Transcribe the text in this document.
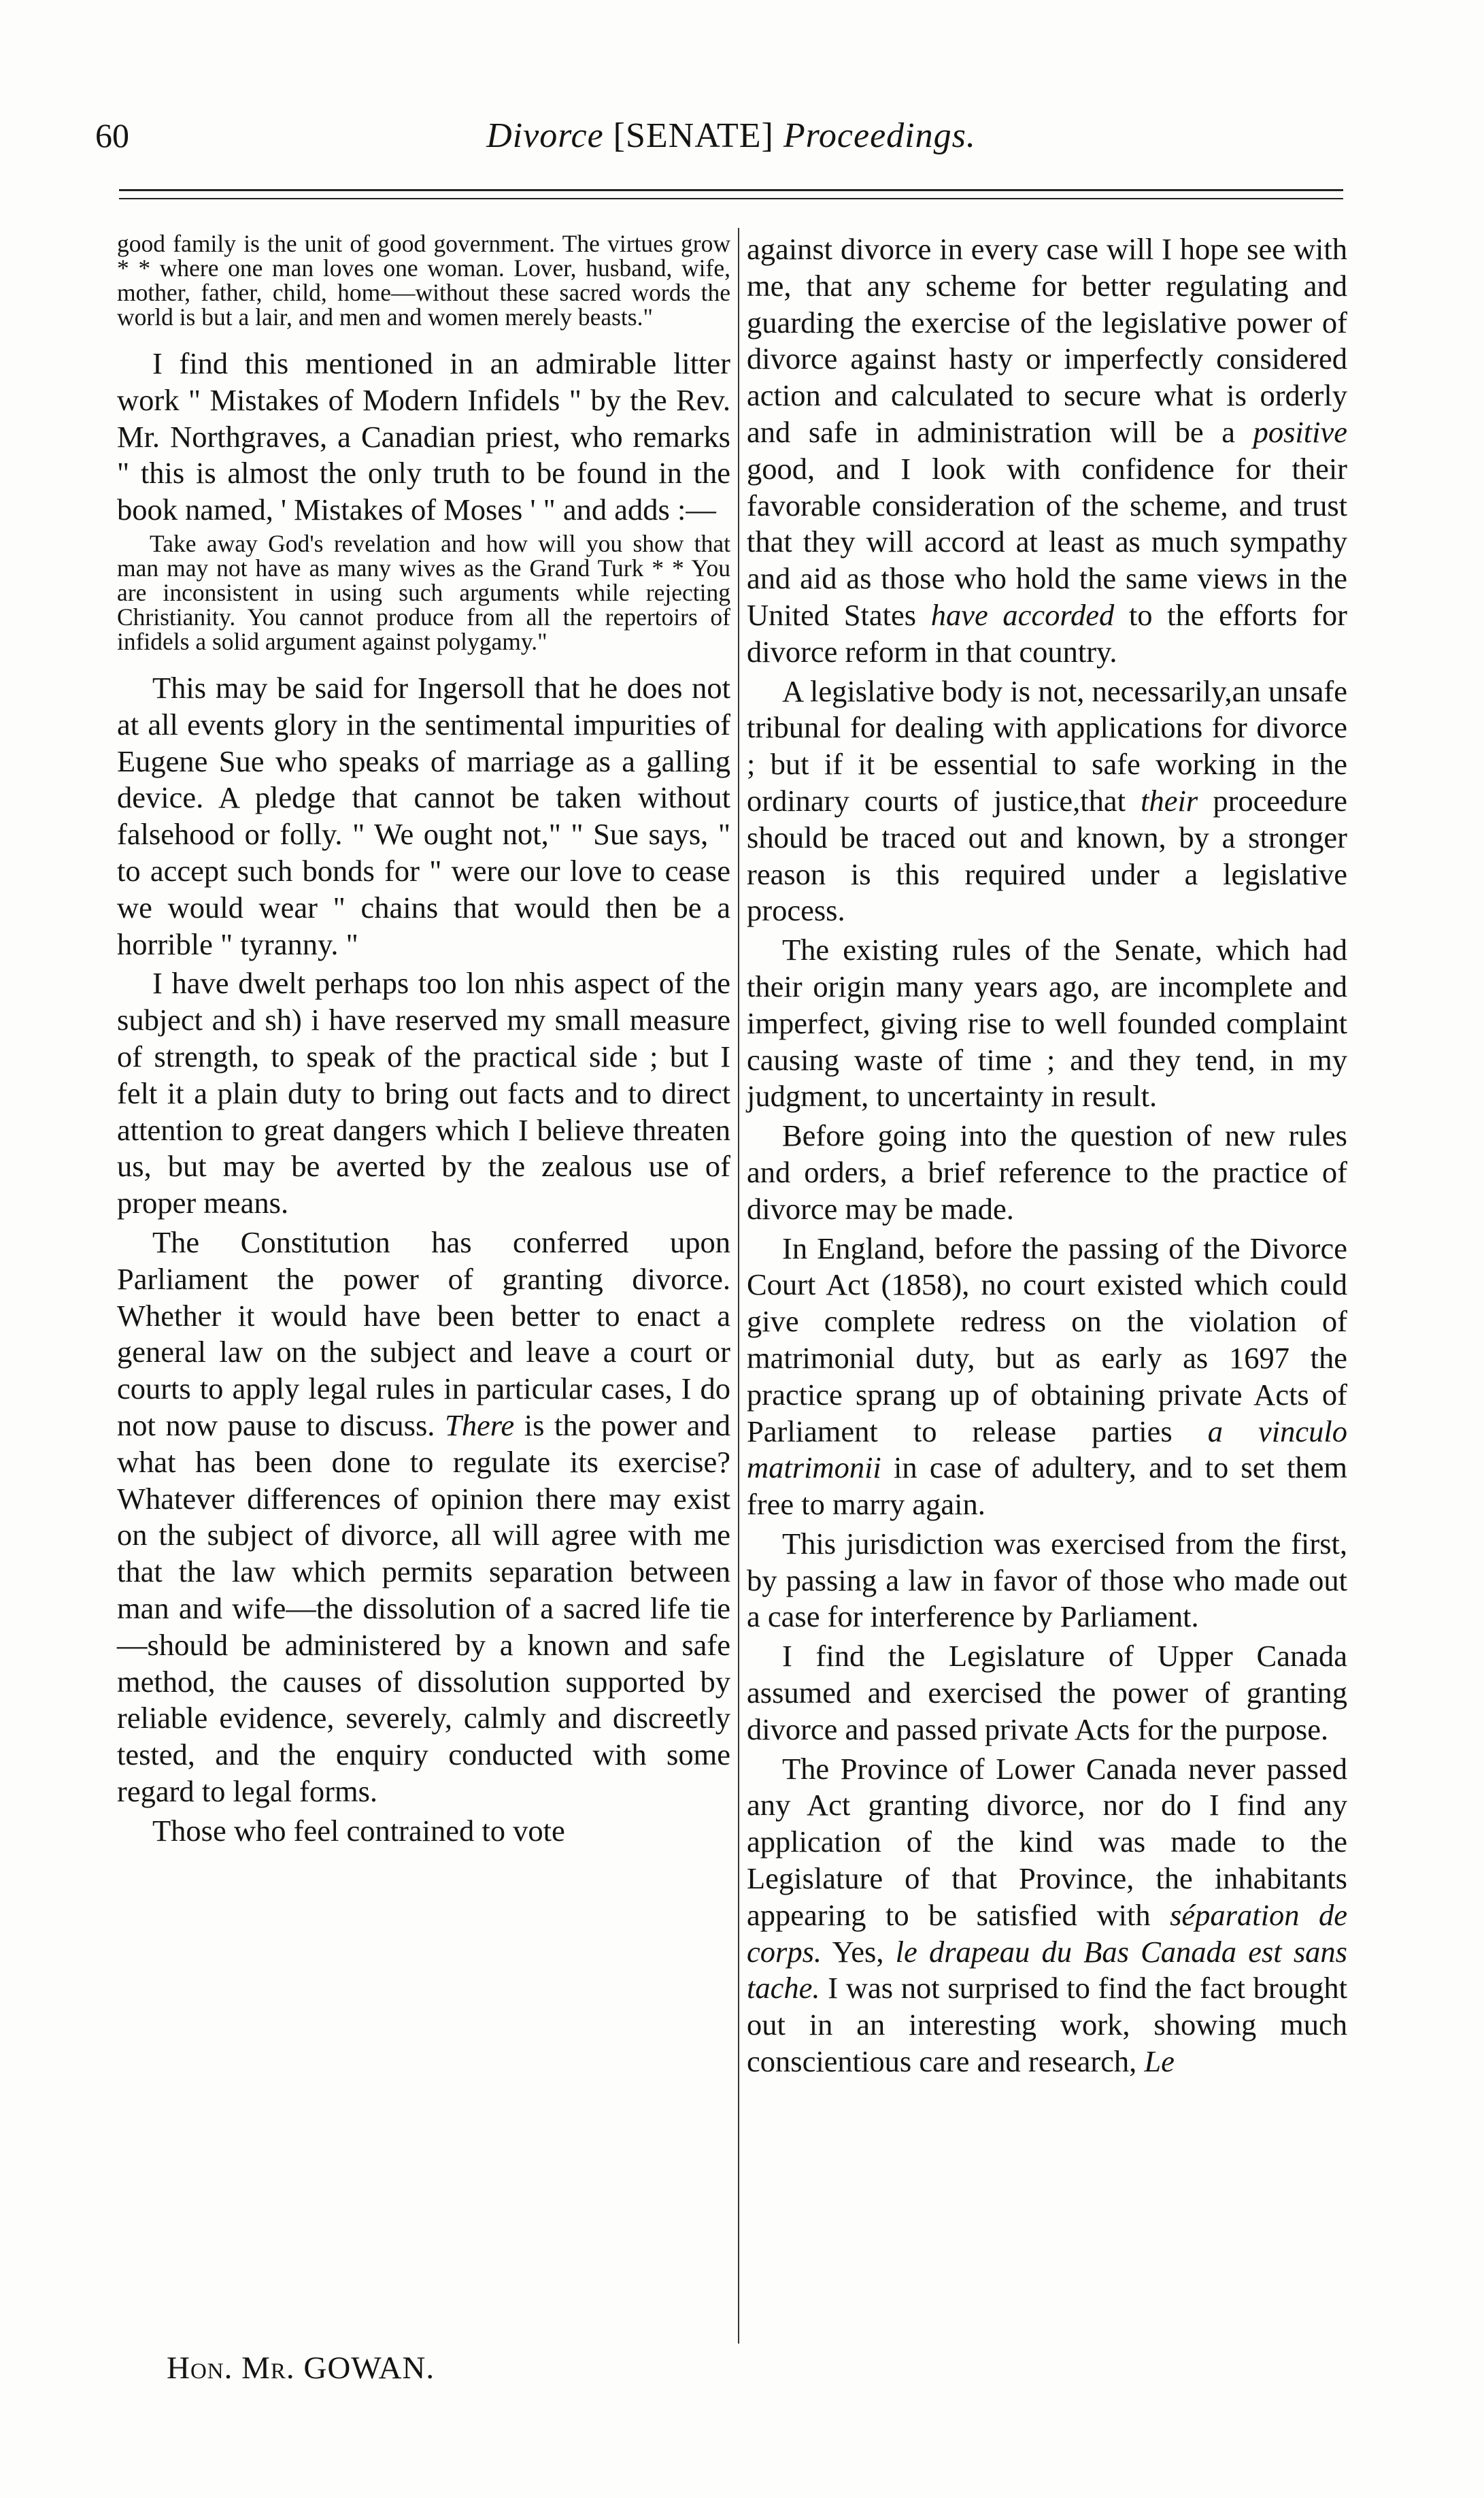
60	Divorce [SENATE] Proceedings.

good family is the unit of good government. The virtues grow * * where one man loves one woman. Lover, husband, wife, mother, father, child, home—without these sacred words the world is but a lair, and men and women merely beasts."

I find this mentioned in an admirable litter work " Mistakes of Modern Infidels " by the Rev. Mr. Northgraves, a Canadian priest, who remarks " this is almost the only truth to be found in the book named, ' Mistakes of Moses ' " and adds :—

Take away God's revelation and how will you show that man may not have as many wives as the Grand Turk * * You are inconsistent in using such arguments while rejecting Christianity. You cannot produce from all the repertoirs of infidels a solid argument against polygamy."

This may be said for Ingersoll that he does not at all events glory in the sentimental impurities of Eugene Sue who speaks of marriage as a galling device. A pledge that cannot be taken without falsehood or folly. " We ought not," " Sue says, " to accept such bonds for " were our love to cease we would wear " chains that would then be a horrible " tyranny. "

I have dwelt perhaps too lon nhis aspect of the subject and sh) i have reserved my small measure of strength, to speak of the practical side ; but I felt it a plain duty to bring out facts and to direct attention to great dangers which I believe threaten us, but may be averted by the zealous use of proper means.

The Constitution has conferred upon Parliament the power of granting divorce. Whether it would have been better to enact a general law on the subject and leave a court or courts to apply legal rules in particular cases, I do not now pause to discuss. There is the power and what has been done to regulate its exercise? Whatever differences of opinion there may exist on the subject of divorce, all will agree with me that the law which permits separation between man and wife—the dissolution of a sacred life tie —should be administered by a known and safe method, the causes of dissolution supported by reliable evidence, severely, calmly and discreetly tested, and the enquiry conducted with some regard to legal forms.

Those who feel contrained to vote

against divorce in every case will I hope see with me, that any scheme for better regulating and guarding the exercise of the legislative power of divorce against hasty or imperfectly considered action and calculated to secure what is orderly and safe in administration will be a positive good, and I look with confidence for their favorable consideration of the scheme, and trust that they will accord at least as much sympathy and aid as those who hold the same views in the United States have accorded to the efforts for divorce reform in that country.

A legislative body is not, necessarily,an unsafe tribunal for dealing with applications for divorce ; but if it be essential to safe working in the ordinary courts of justice,that their proceedure should be traced out and known, by a stronger reason is this required under a legislative process.

The existing rules of the Senate, which had their origin many years ago, are incomplete and imperfect, giving rise to well founded complaint causing waste of time ; and they tend, in my judgment, to uncertainty in result.

Before going into the question of new rules and orders, a brief reference to the practice of divorce may be made.

In England, before the passing of the Divorce Court Act (1858), no court existed which could give complete redress on the violation of matrimonial duty, but as early as 1697 the practice sprang up of obtaining private Acts of Parliament to release parties a vinculo matrimonii in case of adultery, and to set them free to marry again.

This jurisdiction was exercised from the first, by passing a law in favor of those who made out a case for interference by Parliament.

I find the Legislature of Upper Canada assumed and exercised the power of granting divorce and passed private Acts for the purpose.

The Province of Lower Canada never passed any Act granting divorce, nor do I find any application of the kind was made to the Legislature of that Province, the inhabitants appearing to be satisfied with séparation de corps. Yes, le drapeau du Bas Canada est sans tache. I was not surprised to find the fact brought out in an interesting work, showing much conscientious care and research, Le

Hon. Mr. GOWAN.
